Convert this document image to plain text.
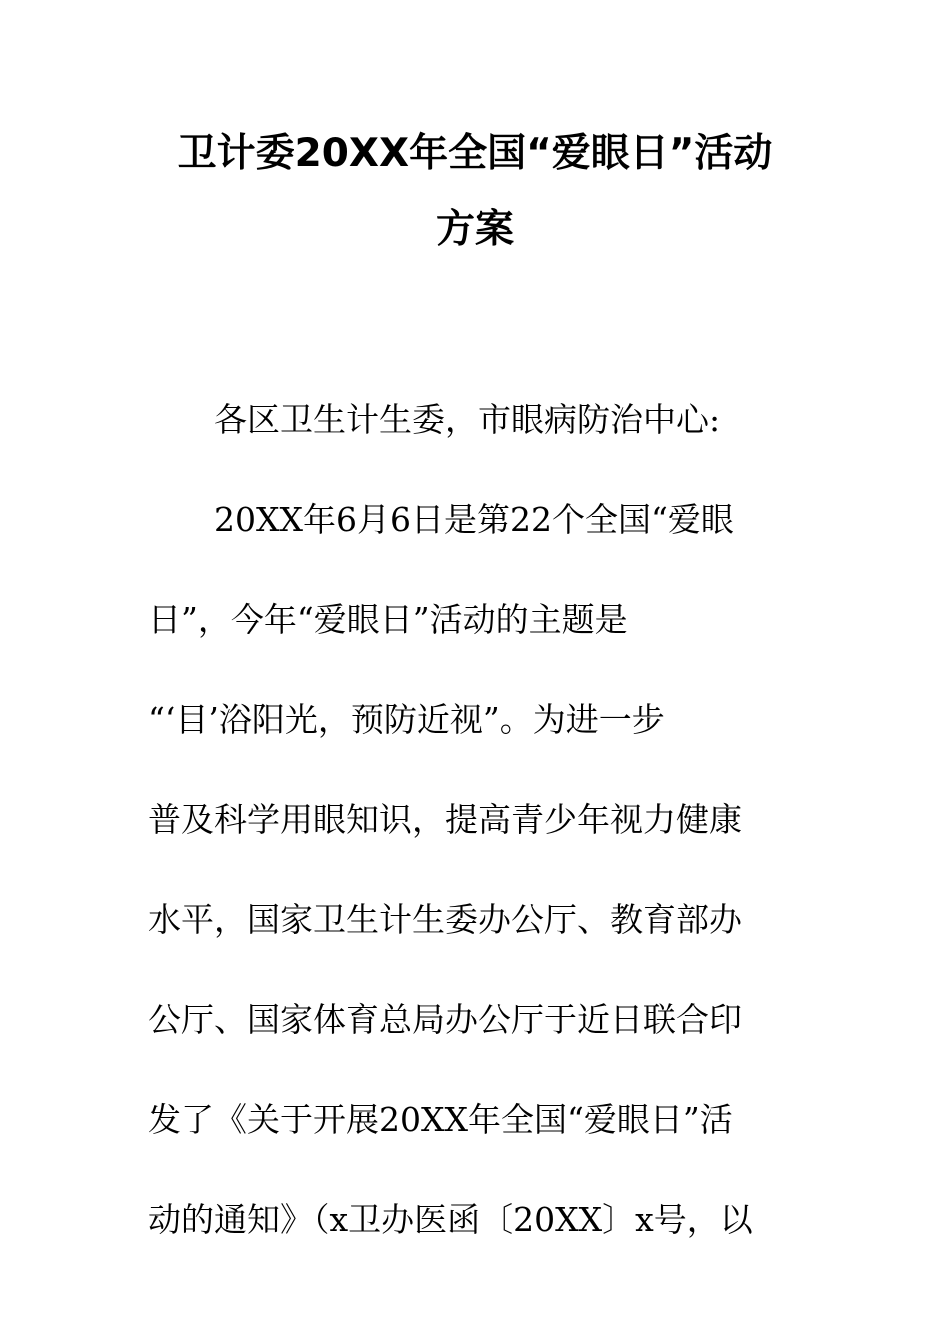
卫计委20XX年全国“爱眼日”活动
方案
各区卫生计生委，市眼病防治中心:
20XX年6月6日是第22个全国“爱眼
日”，今年“爱眼日”活动的主题是
“‘目’浴阳光，预防近视”。为进一步
普及科学用眼知识，提高青少年视力健康
水平，国家卫生计生委办公厅、教育部办
公厅、国家体育总局办公厅于近日联合印
发了《关于开展20XX年全国“爱眼日”活
动的通知》（x卫办医函〔20XX〕x号，以
